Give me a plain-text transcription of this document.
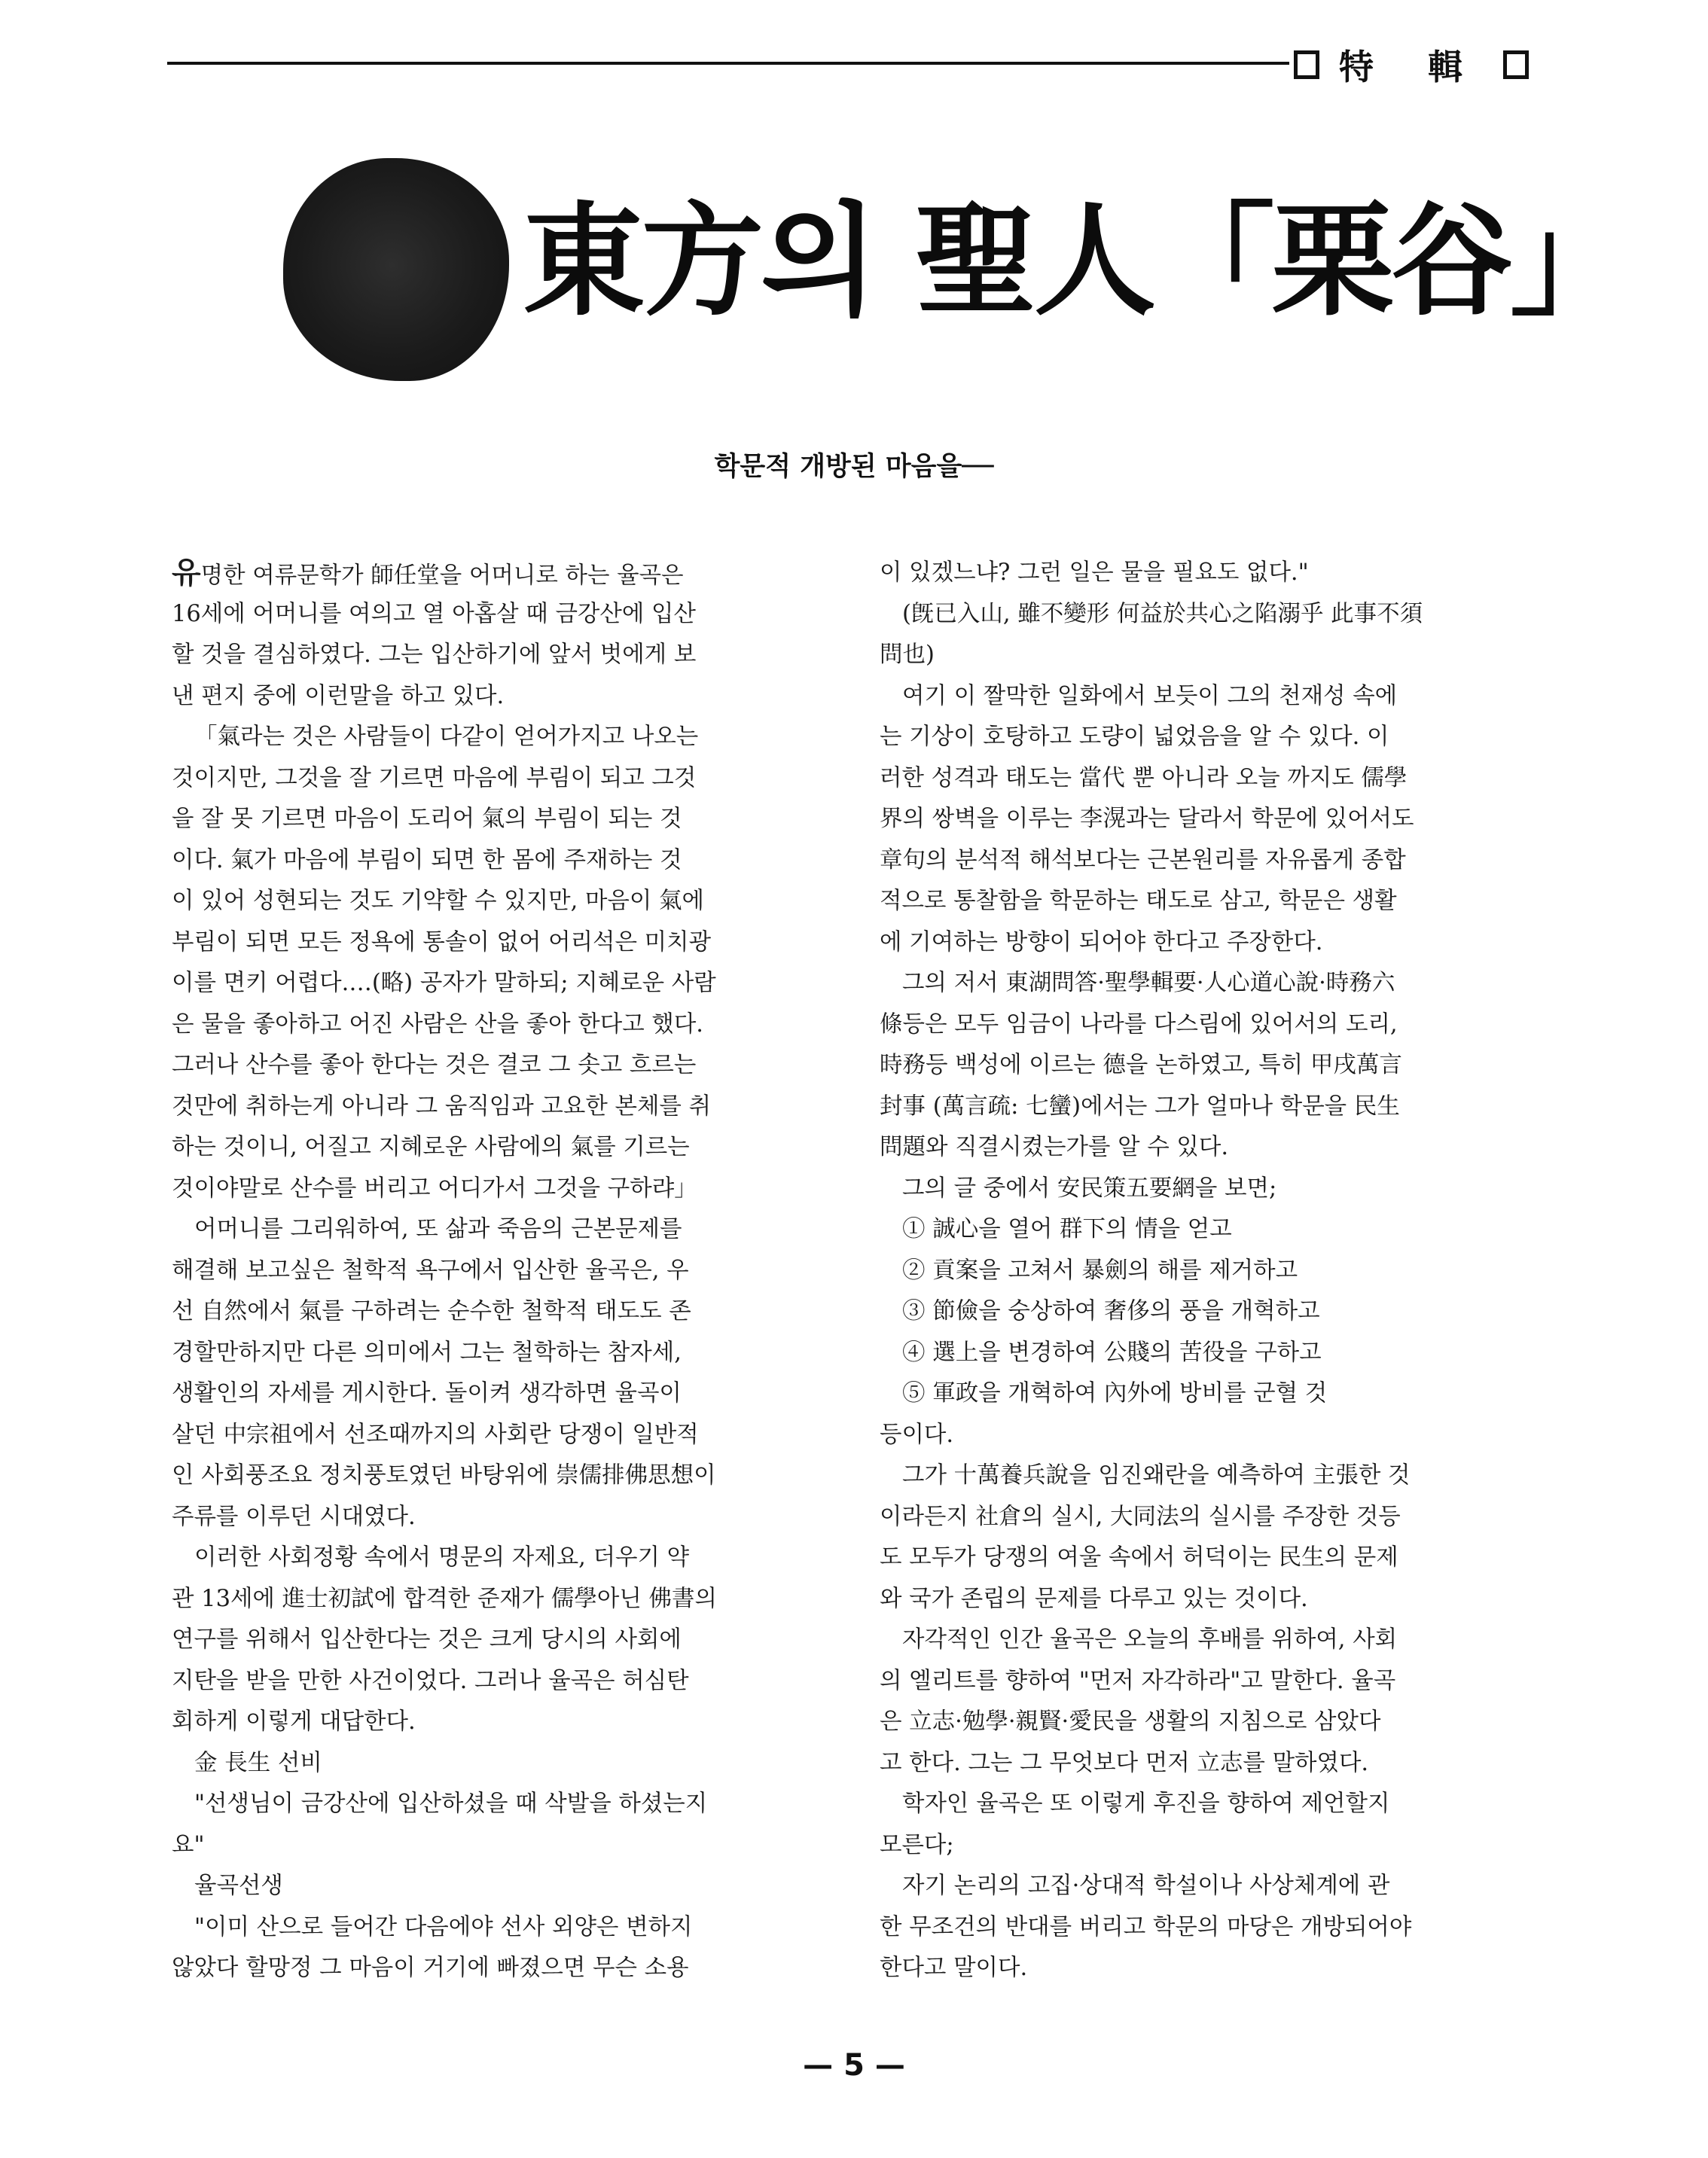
特 輯
東方의 聖人「栗谷」
학문적 개방된 마음을──
유명한 여류문학가 師任堂을 어머니로 하는 율곡은
16세에 어머니를 여의고 열 아홉살 때 금강산에 입산
할 것을 결심하였다. 그는 입산하기에 앞서 벗에게 보
낸 편지 중에 이런말을 하고 있다.
「氣라는 것은 사람들이 다같이 얻어가지고 나오는
것이지만, 그것을 잘 기르면 마음에 부림이 되고 그것
을 잘 못 기르면 마음이 도리어 氣의 부림이 되는 것
이다. 氣가 마음에 부림이 되면 한 몸에 주재하는 것
이 있어 성현되는 것도 기약할 수 있지만, 마음이 氣에
부림이 되면 모든 정욕에 통솔이 없어 어리석은 미치광
이를 면키 어렵다.…(略) 공자가 말하되; 지혜로운 사람
은 물을 좋아하고 어진 사람은 산을 좋아 한다고 했다.
그러나 산수를 좋아 한다는 것은 결코 그 솟고 흐르는
것만에 취하는게 아니라 그 움직임과 고요한 본체를 취
하는 것이니, 어질고 지혜로운 사람에의 氣를 기르는
것이야말로 산수를 버리고 어디가서 그것을 구하랴」
어머니를 그리워하여, 또 삶과 죽음의 근본문제를
해결해 보고싶은 철학적 욕구에서 입산한 율곡은, 우
선 自然에서 氣를 구하려는 순수한 철학적 태도도 존
경할만하지만 다른 의미에서 그는 철학하는 참자세,
생활인의 자세를 게시한다. 돌이켜 생각하면 율곡이
살던 中宗祖에서 선조때까지의 사회란 당쟁이 일반적
인 사회풍조요 정치풍토였던 바탕위에 崇儒排佛思想이
주류를 이루던 시대였다.
이러한 사회정황 속에서 명문의 자제요, 더우기 약
관 13세에 進士初試에 합격한 준재가 儒學아닌 佛書의
연구를 위해서 입산한다는 것은 크게 당시의 사회에
지탄을 받을 만한 사건이었다. 그러나 율곡은 허심탄
회하게 이렇게 대답한다.
金 長生 선비
"선생님이 금강산에 입산하셨을 때 삭발을 하셨는지
요"
율곡선생
"이미 산으로 들어간 다음에야 선사 외양은 변하지
않았다 할망정 그 마음이 거기에 빠졌으면 무슨 소용
이 있겠느냐? 그런 일은 물을 필요도 없다."
(旣已入山, 雖不變形 何益於共心之陷溺乎 此事不須
問也)
여기 이 짤막한 일화에서 보듯이 그의 천재성 속에
는 기상이 호탕하고 도량이 넓었음을 알 수 있다. 이
러한 성격과 태도는 當代 뿐 아니라 오늘 까지도 儒學
界의 쌍벽을 이루는 李滉과는 달라서 학문에 있어서도
章句의 분석적 해석보다는 근본원리를 자유롭게 종합
적으로 통찰함을 학문하는 태도로 삼고, 학문은 생활
에 기여하는 방향이 되어야 한다고 주장한다.
그의 저서 東湖問答·聖學輯要·人心道心說·時務六
條등은 모두 임금이 나라를 다스림에 있어서의 도리,
時務등 백성에 이르는 德을 논하였고, 특히 甲戌萬言
封事 (萬言疏: 七蠻)에서는 그가 얼마나 학문을 民生
問題와 직결시켰는가를 알 수 있다.
그의 글 중에서 安民策五要網을 보면;
① 誠心을 열어 群下의 情을 얻고
② 貢案을 고쳐서 暴劍의 해를 제거하고
③ 節儉을 숭상하여 奢侈의 풍을 개혁하고
④ 選上을 변경하여 公賤의 苦役을 구하고
⑤ 軍政을 개혁하여 內外에 방비를 군혈 것
등이다.
그가 十萬養兵說을 임진왜란을 예측하여 主張한 것
이라든지 社倉의 실시, 大同法의 실시를 주장한 것등
도 모두가 당쟁의 여울 속에서 허덕이는 民生의 문제
와 국가 존립의 문제를 다루고 있는 것이다.
자각적인 인간 율곡은 오늘의 후배를 위하여, 사회
의 엘리트를 향하여 "먼저 자각하라"고 말한다. 율곡
은 立志·勉學·親賢·愛民을 생활의 지침으로 삼았다
고 한다. 그는 그 무엇보다 먼저 立志를 말하였다.
학자인 율곡은 또 이렇게 후진을 향하여 제언할지
모른다;
자기 논리의 고집·상대적 학설이나 사상체계에 관
한 무조건의 반대를 버리고 학문의 마당은 개방되어야
한다고 말이다.
— 5 —
